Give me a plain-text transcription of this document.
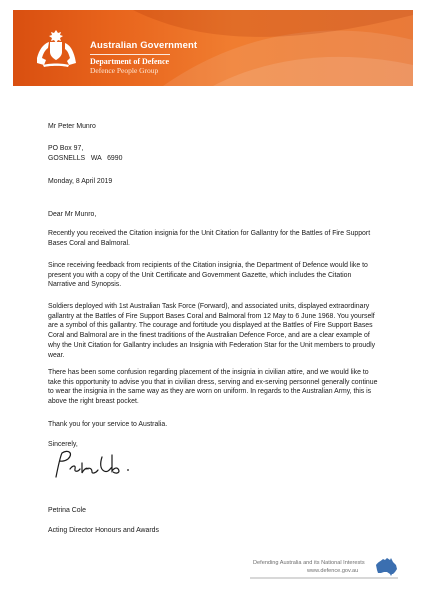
Australian Government
Department of Defence
Defence People Group
Mr Peter Munro
PO Box 97,
GOSNELLS   WA   6990
Monday, 8 April 2019
Dear Mr Munro,
Recently you received the Citation insignia for the Unit Citation for Gallantry for the Battles of Fire Support Bases Coral and Balmoral.
Since receiving feedback from recipients of the Citation insignia, the Department of Defence would like to present you with a copy of the Unit Certificate and Government Gazette, which includes the Citation Narrative and Synopsis.
Soldiers deployed with 1st Australian Task Force (Forward), and associated units, displayed extraordinary gallantry at the Battles of Fire Support Bases Coral and Balmoral from 12 May to 6 June 1968. You yourself are a symbol of this gallantry. The courage and fortitude you displayed at the Battles of Fire Support Bases Coral and Balmoral are in the finest traditions of the Australian Defence Force, and are a clear example of why the Unit Citation for Gallantry includes an Insignia with Federation Star for the Unit members to proudly wear.
There has been some confusion regarding placement of the insignia in civilian attire, and we would like to take this opportunity to advise you that in civilian dress, serving and ex-serving personnel generally continue to wear the insignia in the same way as they are worn on uniform. In regards to the Australian Army, this is above the right breast pocket.
Thank you for your service to Australia.
Sincerely,
Petrina Cole
Acting Director Honours and Awards
Defending Australia and its National Interests
www.defence.gov.au
